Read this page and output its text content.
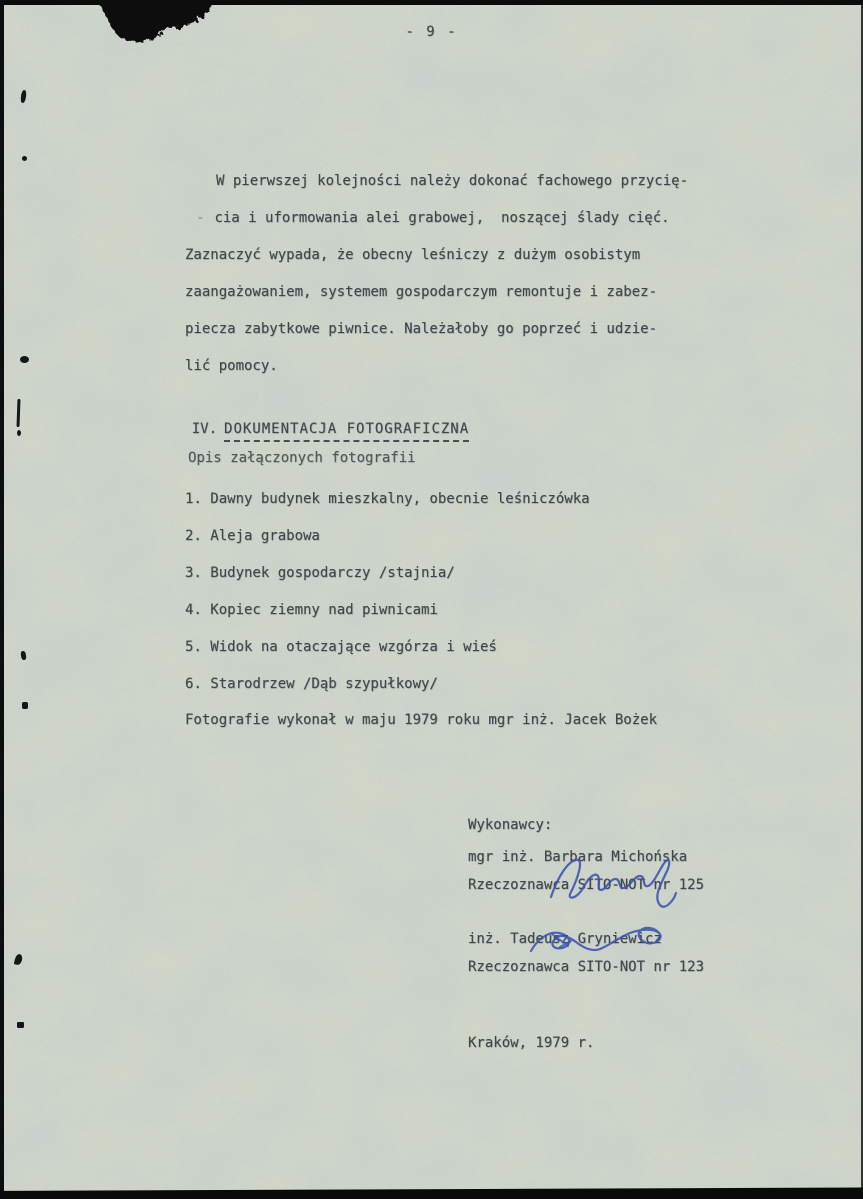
- 9 -
W pierwszej kolejności należy dokonać fachowego przycię-
- cia i uformowania alei grabowej,  noszącej ślady cięć.
Zaznaczyć wypada, że obecny leśniczy z dużym osobistym
zaangażowaniem, systemem gospodarczym remontuje i zabez-
piecza zabytkowe piwnice. Należałoby go poprzeć i udzie-
lić pomocy.

IV. DOKUMENTACJA FOTOGRAFICZNA

Opis załączonych fotografii
1. Dawny budynek mieszkalny, obecnie leśniczówka
2. Aleja grabowa
3. Budynek gospodarczy /stajnia/
4. Kopiec ziemny nad piwnicami
5. Widok na otaczające wzgórza i wieś
6. Starodrzew /Dąb szypułkowy/
Fotografie wykonał w maju 1979 roku mgr inż. Jacek Bożek
Wykonawcy:
mgr inż. Barbara Michońska
Rzeczoznawca SITO-NOT nr 125
inż. Tadeusz Gryniewicz
Rzeczoznawca SITO-NOT nr 123
Kraków, 1979 r.
